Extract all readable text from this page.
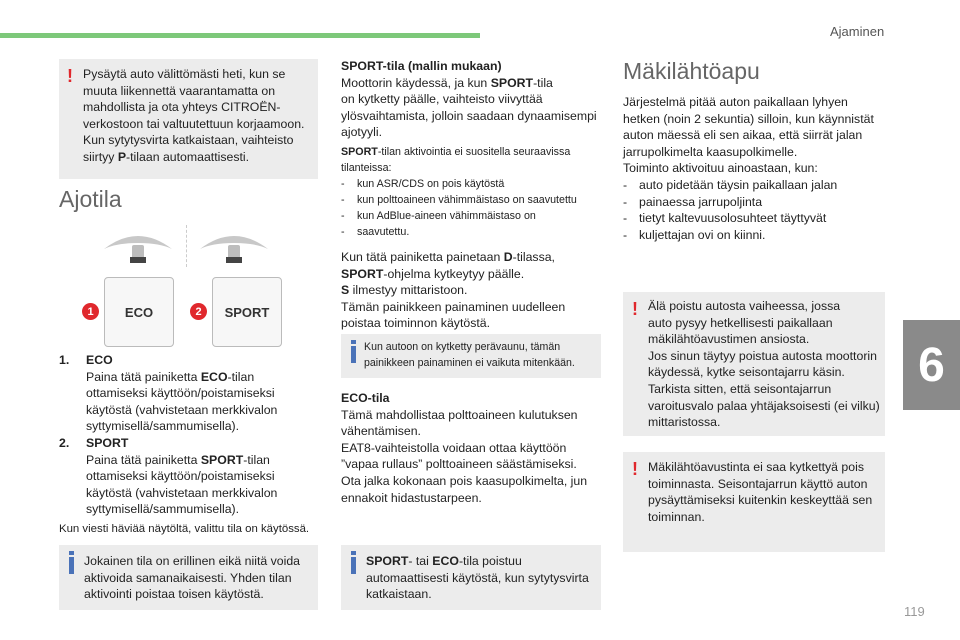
Ajaminen
6
119
! Pysäytä auto välittömästi heti, kun se
muuta liikennettä vaarantamatta on
mahdollista ja ota yhteys CITROËN-
verkostoon tai valtuutettuun korjaamoon.
Kun sytytysvirta katkaistaan, vaihteisto
siirtyy P-tilaan automaattisesti.
Ajotila
1	ECO	2	SPORT
1. ECO
Paina tätä painiketta ECO-tilan
ottamiseksi käyttöön/poistamiseksi
käytöstä (vahvistetaan merkkivalon
syttymisellä/sammumisella).
2. SPORT
Paina tätä painiketta SPORT-tilan
ottamiseksi käyttöön/poistamiseksi
käytöstä (vahvistetaan merkkivalon
syttymisellä/sammumisella).
Kun viesti häviää näytöltä, valittu tila on käytössä.
Jokainen tila on erillinen eikä niitä voida
aktivoida samanaikaisesti. Yhden tilan
aktivointi poistaa toisen käytöstä.
SPORT-tila (mallin mukaan)
Moottorin käydessä, ja kun SPORT-tila
on kytketty päälle, vaihteisto viivyttää
ylösvaihtamista, jolloin saadaan dynaamisempi
ajotyyli.
SPORT-tilan aktivointia ei suositella seuraavissa
tilanteissa:
- kun ASR/CDS on pois käytöstä
- kun polttoaineen vähimmäistaso on saavutettu
- kun AdBlue-aineen vähimmäistaso on
- saavutettu.
Kun tätä painiketta painetaan D-tilassa,
SPORT-ohjelma kytkeytyy päälle.
S ilmestyy mittaristoon.
Tämän painikkeen painaminen uudelleen
poistaa toiminnon käytöstä.
Kun autoon on kytketty perävaunu, tämän
painikkeen painaminen ei vaikuta mitenkään.
ECO-tila
Tämä mahdollistaa polttoaineen kulutuksen
vähentämisen.
EAT8-vaihteistolla voidaan ottaa käyttöön
”vapaa rullaus” polttoaineen säästämiseksi.
Ota jalka kokonaan pois kaasupolkimelta, jun
ennakoit hidastustarpeen.
SPORT- tai ECO-tila poistuu
automaattisesti käytöstä, kun sytytysvirta
katkaistaan.
Mäkilähtöapu
Järjestelmä pitää auton paikallaan lyhyen
hetken (noin 2 sekuntia) silloin, kun käynnistät
auton mäessä eli sen aikaa, että siirrät jalan
jarrupolkimelta kaasupolkimelle.
Toiminto aktivoituu ainoastaan, kun:
- auto pidetään täysin paikallaan jalan
- painaessa jarrupoljinta
- tietyt kaltevuusolosuhteet täyttyvät
- kuljettajan ovi on kiinni.
! Älä poistu autosta vaiheessa, jossa
auto pysyy hetkellisesti paikallaan
mäkilähtöavustimen ansiosta.
Jos sinun täytyy poistua autosta moottorin
käydessä, kytke seisontajarru käsin.
Tarkista sitten, että seisontajarrun
varoitusvalo palaa yhtäjaksoisesti (ei vilku)
mittaristossa.
! Mäkilähtöavustinta ei saa kytkettyä pois
toiminnasta. Seisontajarrun käyttö auton
pysäyttämiseksi kuitenkin keskeyttää sen
toiminnan.
